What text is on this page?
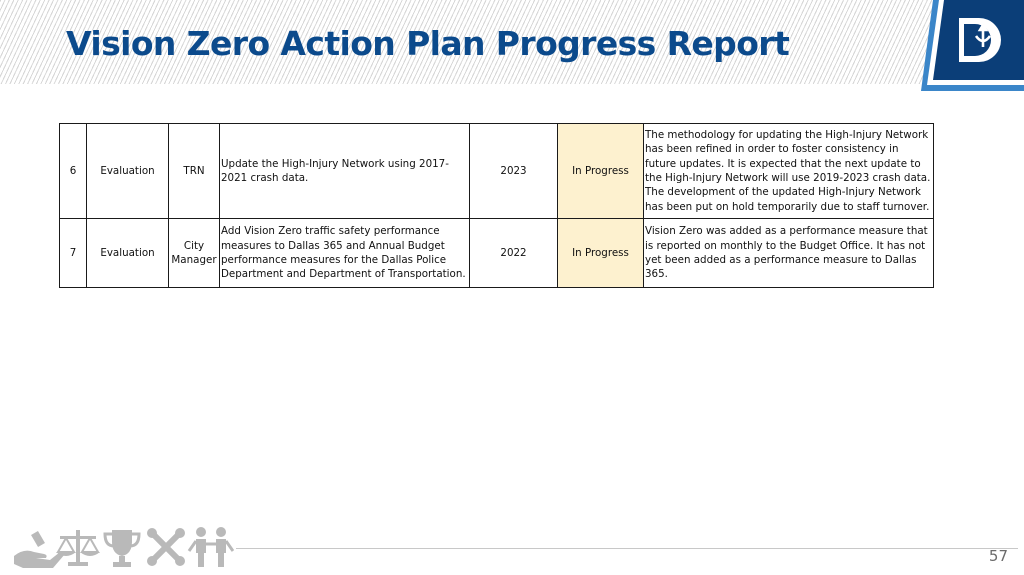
Vision Zero Action Plan Progress Report
6	Evaluation	TRN	Update the High-Injury Network using 2017-2021 crash data.	2023	In Progress	The methodology for updating the High-Injury Network has been refined in order to foster consistency in future updates. It is expected that the next update to the High-Injury Network will use 2019-2023 crash data. The development of the updated High-Injury Network has been put on hold temporarily due to staff turnover.
7	Evaluation	City Manager	Add Vision Zero traffic safety performance measures to Dallas 365 and Annual Budget performance measures for the Dallas Police Department and Department of Transportation.	2022	In Progress	Vision Zero was added as a performance measure that is reported on monthly to the Budget Office. It has not yet been added as a performance measure to Dallas 365.
57
